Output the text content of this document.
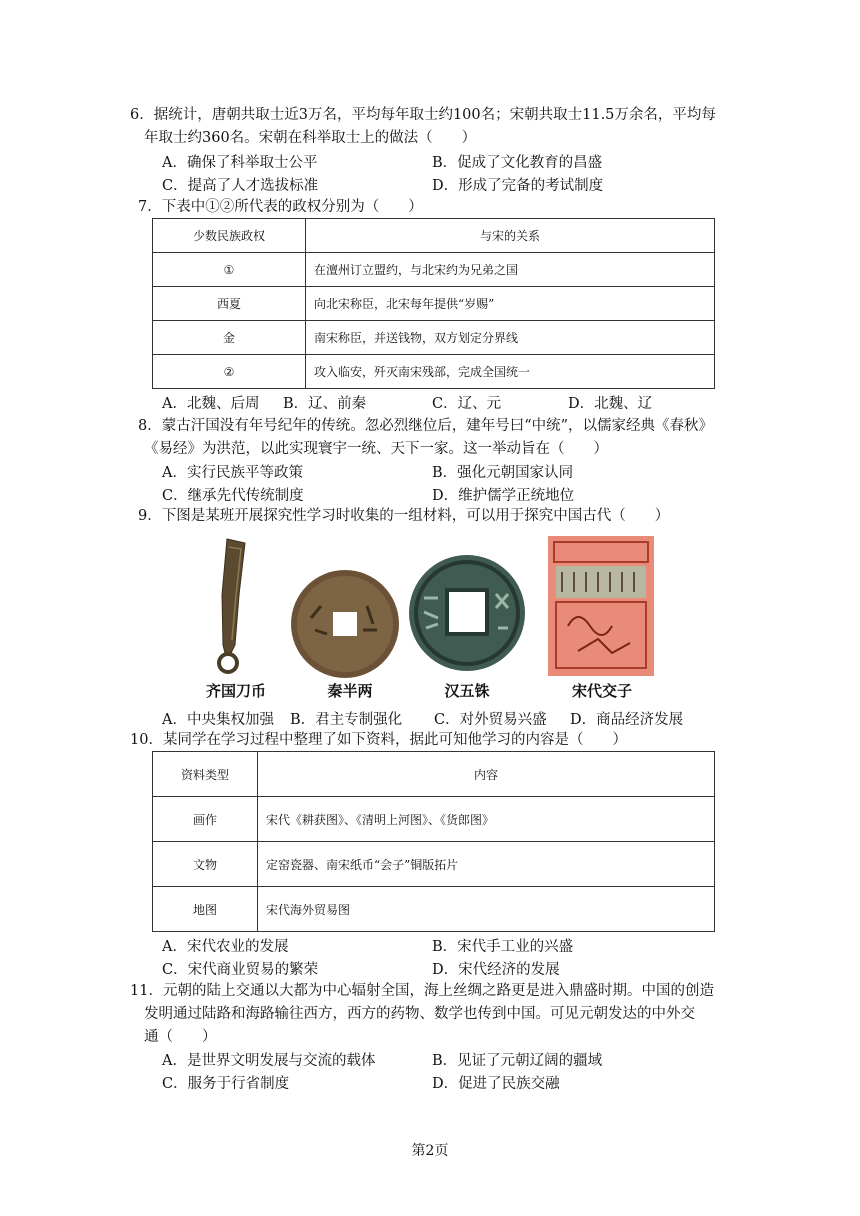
6．据统计，唐朝共取士近3万名，平均每年取士约100名；宋朝共取士11.5万余名，平均每
年取士约360名。宋朝在科举取士上的做法（　　）
A．确保了科举取士公平	B．促成了文化教育的昌盛
C．提高了人才选拔标准	D．形成了完备的考试制度
7．下表中①②所代表的政权分别为（　　）
少数民族政权	与宋的关系
①	在澶州订立盟约，与北宋约为兄弟之国
西夏	向北宋称臣，北宋每年提供“岁赐”
金	南宋称臣，并送钱物，双方划定分界线
②	攻入临安，歼灭南宋残部，完成全国统一
A．北魏、后周 B．辽、前秦	C．辽、元	D．北魏、辽
8．蒙古汗国没有年号纪年的传统。忽必烈继位后，建年号曰“中统”，以儒家经典《春秋》
《易经》为洪范，以此实现寰宇一统、天下一家。这一举动旨在（　　）
A．实行民族平等政策	B．强化元朝国家认同
C．继承先代传统制度	D．维护儒学正统地位
9．下图是某班开展探究性学习时收集的一组材料，可以用于探究中国古代（　　）
齐国刀币	秦半两	汉五铢	宋代交子
A．中央集权加强 B．君主专制强化 C．对外贸易兴盛 D．商品经济发展
10．某同学在学习过程中整理了如下资料，据此可知他学习的内容是（　　）
资料类型	内容
画作	宋代《耕获图》、《清明上河图》、《货郎图》
文物	定窑瓷器、南宋纸币“会子”铜版拓片
地图	宋代海外贸易图
A．宋代农业的发展	B．宋代手工业的兴盛
C．宋代商业贸易的繁荣	D．宋代经济的发展
11．元朝的陆上交通以大都为中心辐射全国，海上丝绸之路更是进入鼎盛时期。中国的创造
发明通过陆路和海路输往西方，西方的药物、数学也传到中国。可见元朝发达的中外交
通（　　）
A．是世界文明发展与交流的载体	B．见证了元朝辽阔的疆域
C．服务于行省制度	D．促进了民族交融
第2页
